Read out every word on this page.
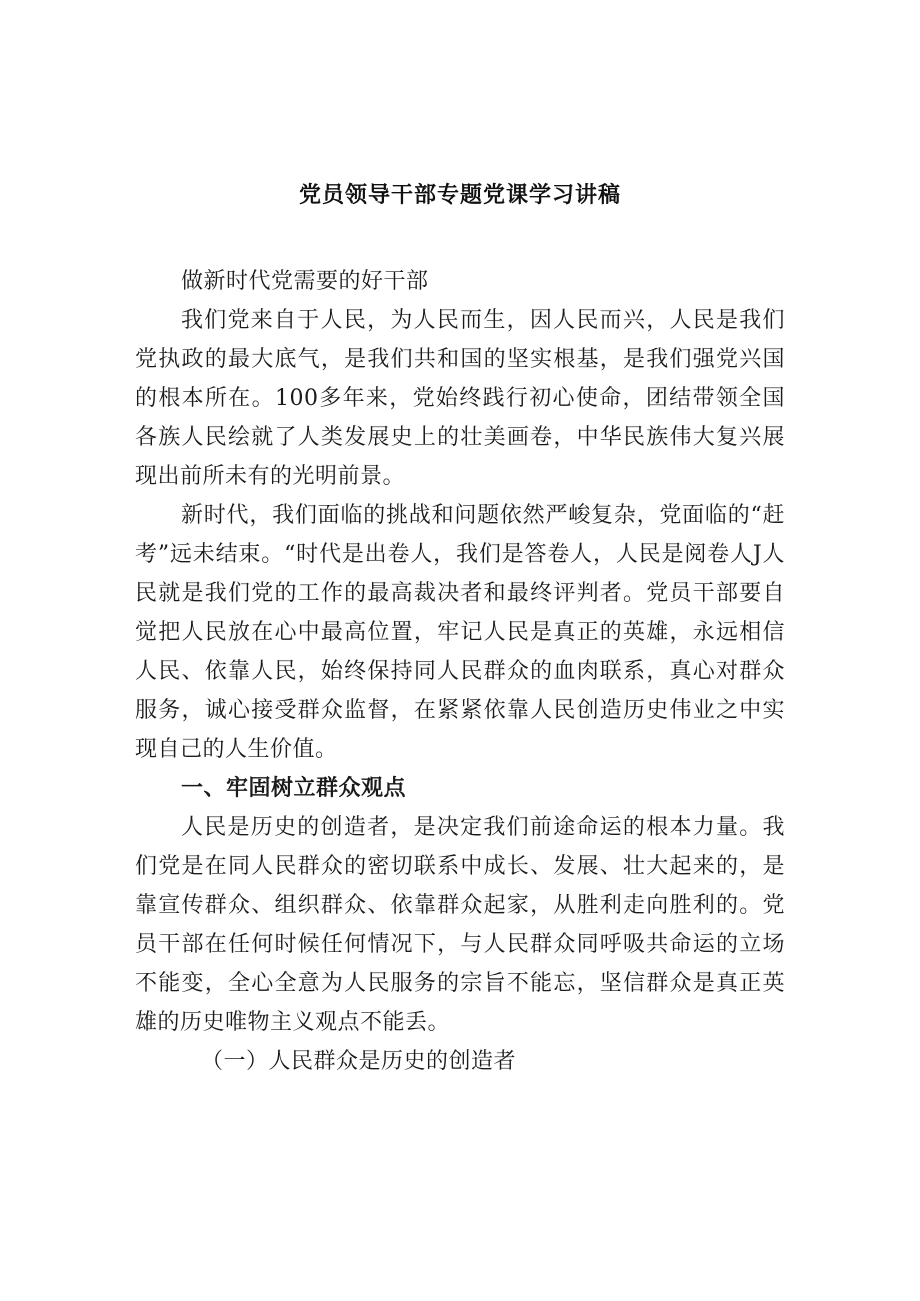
党员领导干部专题党课学习讲稿

做新时代党需要的好干部

我们党来自于人民，为人民而生，因人民而兴，人民是我们党执政的最大底气，是我们共和国的坚实根基，是我们强党兴国的根本所在。100多年来，党始终践行初心使命，团结带领全国各族人民绘就了人类发展史上的壮美画卷，中华民族伟大复兴展现出前所未有的光明前景。

新时代，我们面临的挑战和问题依然严峻复杂，党面临的“赶考”远未结束。“时代是出卷人，我们是答卷人，人民是阅卷人J人民就是我们党的工作的最高裁决者和最终评判者。党员干部要自觉把人民放在心中最高位置，牢记人民是真正的英雄，永远相信人民、依靠人民，始终保持同人民群众的血肉联系，真心对群众服务，诚心接受群众监督，在紧紧依靠人民创造历史伟业之中实现自己的人生价值。

一、牢固树立群众观点

人民是历史的创造者，是决定我们前途命运的根本力量。我们党是在同人民群众的密切联系中成长、发展、壮大起来的，是靠宣传群众、组织群众、依靠群众起家，从胜利走向胜利的。党员干部在任何时候任何情况下，与人民群众同呼吸共命运的立场不能变，全心全意为人民服务的宗旨不能忘，坚信群众是真正英雄的历史唯物主义观点不能丢。

（一）人民群众是历史的创造者
